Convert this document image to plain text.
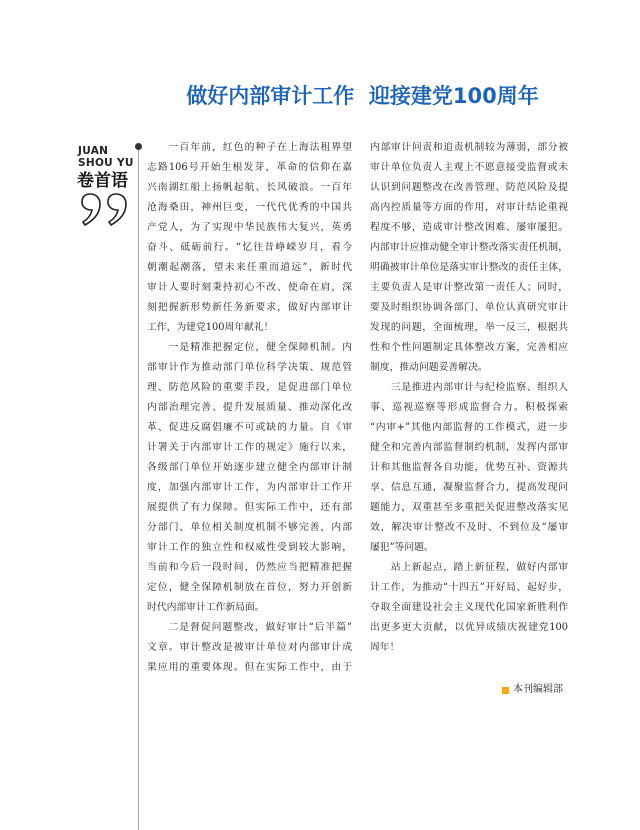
做好内部审计工作  迎接建党100周年
JUAN
SHOU YU
卷首语
　　一百年前，红色的种子在上海法租界望
志路106号开始生根发芽，革命的信仰在嘉
兴南湖红船上扬帆起航、长风破浪。一百年
沧海桑田，神州巨变，一代代优秀的中国共
产党人，为了实现中华民族伟大复兴，英勇
奋斗、砥砺前行。“忆往昔峥嵘岁月，看今
朝潮起潮落，望未来任重而道远”，新时代
审计人要时刻秉持初心不改、使命在肩，深
刻把握新形势新任务新要求，做好内部审计
工作，为建党100周年献礼！
　　一是精准把握定位，健全保障机制。内
部审计作为推动部门单位科学决策、规范管
理、防范风险的重要手段，是促进部门单位
内部治理完善、提升发展质量、推动深化改
革、促进反腐倡廉不可或缺的力量。自《审
计署关于内部审计工作的规定》施行以来，
各级部门单位开始逐步建立健全内部审计制
度，加强内部审计工作，为内部审计工作开
展提供了有力保障。但实际工作中，还有部
分部门、单位相关制度机制不够完善，内部
审计工作的独立性和权威性受到较大影响，
当前和今后一段时间，仍然应当把精准把握
定位，健全保障机制放在首位，努力开创新
时代内部审计工作新局面。
　　二是督促问题整改，做好审计“后半篇”
文章。审计整改是被审计单位对内部审计成
果应用的重要体现。但在实际工作中，由于
内部审计问责和追责机制较为薄弱，部分被
审计单位负责人主观上不愿意接受监督或未
认识到问题整改在改善管理、防范风险及提
高内控质量等方面的作用，对审计结论重视
程度不够，造成审计整改困难、屡审屡犯。
内部审计应推动健全审计整改落实责任机制，
明确被审计单位是落实审计整改的责任主体，
主要负责人是审计整改第一责任人；同时，
要及时组织协调各部门、单位认真研究审计
发现的问题，全面梳理，举一反三，根据共
性和个性问题制定具体整改方案，完善相应
制度，推动问题妥善解决。
　　三是推进内部审计与纪检监察、组织人
事、巡视巡察等形成监督合力。积极探索
“内审+”其他内部监督的工作模式，进一步
健全和完善内部监督制约机制，发挥内部审
计和其他监督各自功能，优势互补、资源共
享、信息互通，凝聚监督合力，提高发现问
题能力，双重甚至多重把关促进整改落实见
效，解决审计整改不及时、不到位及“屡审
屡犯”等问题。
　　站上新起点，踏上新征程，做好内部审
计工作，为推动“十四五”开好局、起好步，
夺取全面建设社会主义现代化国家新胜利作
出更多更大贡献，以优异成绩庆祝建党100
周年！
本刊编辑部
